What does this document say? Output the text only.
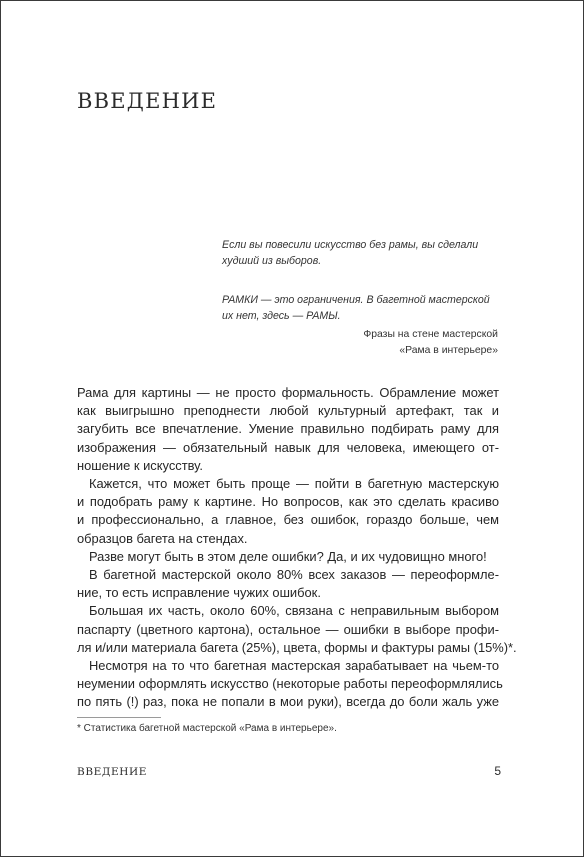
ВВЕДЕНИЕ

Если вы повесили искусство без рамы, вы сделали
худший из выборов.

РАМКИ — это ограничения. В багетной мастерской
их нет, здесь — РАМЫ.

Фразы на стене мастерской
«Рама в интерьере»
Рама для картины — не просто формальность. Обрамление может
как выигрышно преподнести любой культурный артефакт, так и
загубить все впечатление. Умение правильно подбирать раму для
изображения — обязательный навык для человека, имеющего от-
ношение к искусству.
Кажется, что может быть проще — пойти в багетную мастерскую
и подобрать раму к картине. Но вопросов, как это сделать красиво
и профессионально, а главное, без ошибок, гораздо больше, чем
образцов багета на стендах.
Разве могут быть в этом деле ошибки? Да, и их чудовищно много!
В багетной мастерской около 80% всех заказов — переоформле-
ние, то есть исправление чужих ошибок.
Большая их часть, около 60%, связана с неправильным выбором
паспарту (цветного картона), остальное — ошибки в выборе профи-
ля и/или материала багета (25%), цвета, формы и фактуры рамы (15%)*.
Несмотря на то что багетная мастерская зарабатывает на чьем-то
неумении оформлять искусство (некоторые работы переоформлялись
по пять (!) раз, пока не попали в мои руки), всегда до боли жаль уже
* Статистика багетной мастерской «Рама в интерьере».
ВВЕДЕНИЕ	5
